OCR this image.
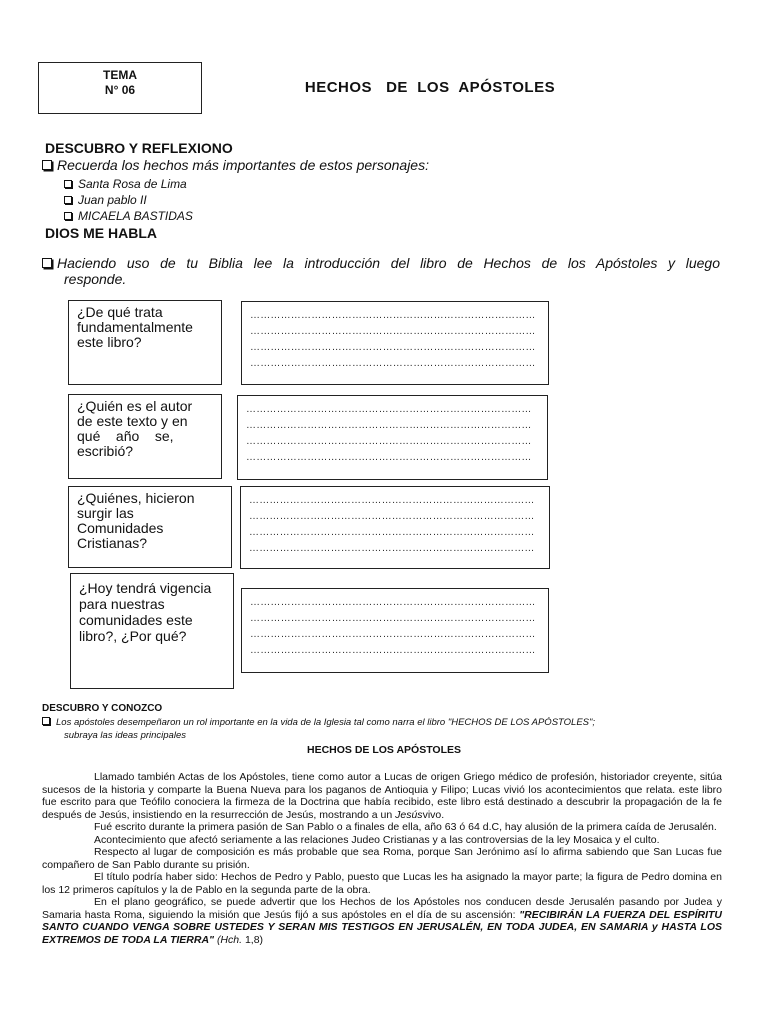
TEMA
N° 06	HECHOS   DE  LOS  APÓSTOLES
DESCUBRO Y REFLEXIONO
Recuerda los hechos más importantes de estos personajes:
Santa Rosa de Lima
Juan pablo II
MICAELA BASTIDAS
DIOS ME HABLA
Haciendo uso de tu Biblia lee la introducción del libro de Hechos de los Apóstoles y luego
responde.
¿De qué trata fundamentalmente este libro?
…………………………………………………………………………
…………………………………………………………………………
…………………………………………………………………………
…………………………………………………………………………
¿Quién es el autor
de este texto y en
qué    año    se,
escribió?
…………………………………………………………………………
…………………………………………………………………………
…………………………………………………………………………
…………………………………………………………………………
¿Quiénes, hicieron surgir las Comunidades Cristianas?
…………………………………………………………………………
…………………………………………………………………………
…………………………………………………………………………
…………………………………………………………………………
¿Hoy tendrá vigencia para nuestras comunidades este libro?, ¿Por qué?
…………………………………………………………………………
…………………………………………………………………………
…………………………………………………………………………
…………………………………………………………………………
DESCUBRO Y CONOZCO
Los apóstoles desempeñaron un rol importante en la vida de la Iglesia tal como narra el libro "HECHOS DE LOS APÓSTOLES";
subraya las ideas principales
HECHOS DE LOS APÓSTOLES

Llamado también Actas de los Apóstoles, tiene como autor a Lucas de origen Griego médico de profesión, historiador creyente, sitúa sucesos de la historia y comparte la Buena Nueva para los paganos de Antioquia y Filipo; Lucas vivió los acontecimientos que relata. este libro fue escrito para que Teófilo conociera la firmeza de la Doctrina que había recibido, este libro está destinado a descubrir la propagación de la fe después de Jesús, insistiendo en la resurrección de Jesús, mostrando a un Jesúsvivo.

Fué escrito durante la primera pasión de San Pablo o a finales de ella, año 63 ó 64 d.C, hay alusión de la primera caída de Jerusalén.

Acontecimiento que afectó seriamente a las relaciones Judeo Cristianas y a las controversias de la ley Mosaica y el culto.

Respecto al lugar de composición es más probable que sea Roma, porque San Jerónimo así lo afirma sabiendo que San Lucas fue compañero de San Pablo durante su prisión.

El título podría haber sido: Hechos de Pedro y Pablo, puesto que Lucas les ha asignado la mayor parte; la figura de Pedro domina en los 12 primeros capítulos y la de Pablo en la segunda parte de la obra.

En el plano geográfico, se puede advertir que los Hechos de los Apóstoles nos conducen desde Jerusalén pasando por Judea y Samaria hasta Roma, siguiendo la misión que Jesús fijó a sus apóstoles en el día de su ascensión: "RECIBIRÁN LA FUERZA DEL ESPÍRITU SANTO CUANDO VENGA SOBRE USTEDES Y SERAN MIS TESTIGOS EN JERUSALÉN, EN TODA JUDEA, EN SAMARIA y HASTA LOS EXTREMOS DE TODA LA TIERRA" (Hch. 1,8)
